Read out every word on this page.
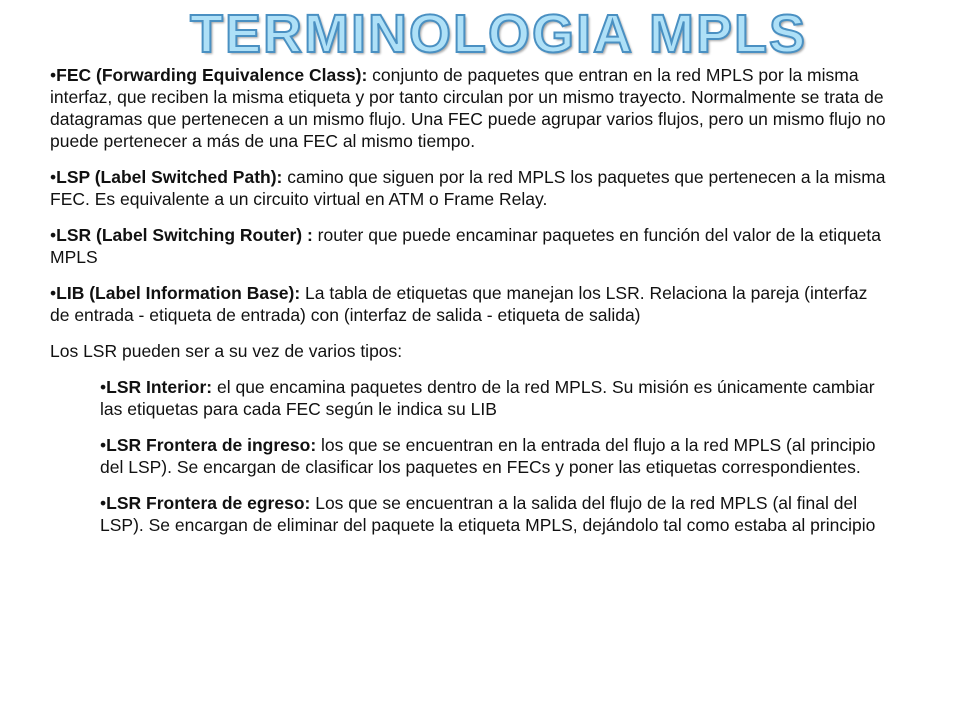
TERMINOLOGIA MPLS

•FEC (Forwarding Equivalence Class): conjunto de paquetes que entran en la red MPLS por la misma interfaz, que reciben la misma etiqueta y por tanto circulan por un mismo trayecto. Normalmente se trata de datagramas que pertenecen a un mismo flujo. Una FEC puede agrupar varios flujos, pero un mismo flujo no puede pertenecer a más de una FEC al mismo tiempo.

•LSP (Label Switched Path): camino que siguen por la red MPLS los paquetes que pertenecen a la misma FEC. Es equivalente a un circuito virtual en ATM o Frame Relay.

•LSR (Label Switching Router) : router que puede encaminar paquetes en función del valor de la etiqueta MPLS

•LIB (Label Information Base): La tabla de etiquetas que manejan los LSR. Relaciona la pareja (interfaz de entrada - etiqueta de entrada) con (interfaz de salida - etiqueta de salida)

Los LSR pueden ser a su vez de varios tipos:

•LSR Interior: el que encamina paquetes dentro de la red MPLS. Su misión es únicamente cambiar las etiquetas para cada FEC según le indica su LIB

•LSR Frontera de ingreso: los que se encuentran en la entrada del flujo a la red MPLS (al principio del LSP). Se encargan de clasificar los paquetes en FECs y poner las etiquetas correspondientes.

•LSR Frontera de egreso: Los que se encuentran a la salida del flujo de la red MPLS (al final del LSP). Se encargan de eliminar del paquete la etiqueta MPLS, dejándolo tal como estaba al principio
